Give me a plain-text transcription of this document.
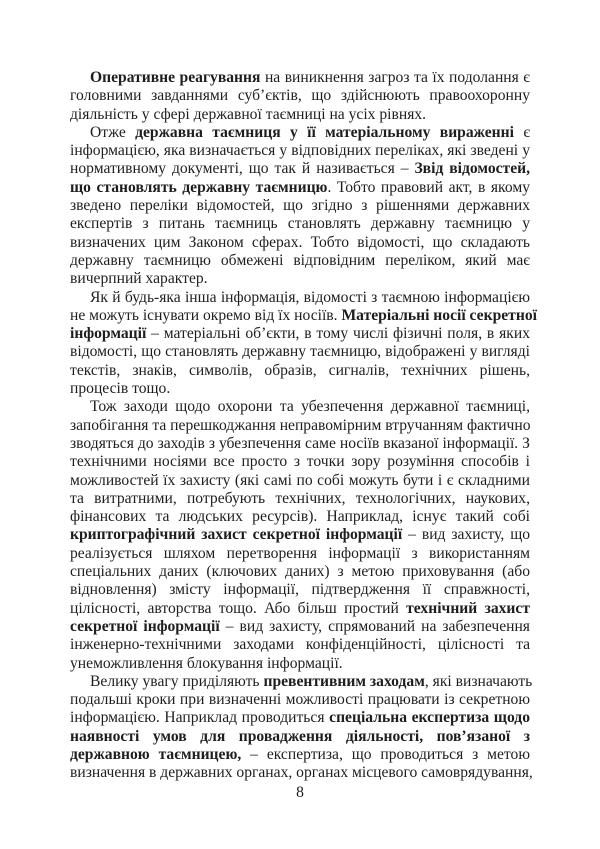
Оперативне реагування на виникнення загроз та їх подолання є
головними завданнями суб’єктів, що здійснюють правоохоронну
діяльність у сфері державної таємниці на усіх рівнях.
Отже державна таємниця у її матеріальному вираженні є
інформацією, яка визначається у відповідних переліках, які зведені у
нормативному документі, що так й називається – Звід відомостей,
що становлять державну таємницю. Тобто правовий акт, в якому
зведено переліки відомостей, що згідно з рішеннями державних
експертів з питань таємниць становлять державну таємницю у
визначених цим Законом сферах. Тобто відомості, що складають
державну таємницю обмежені відповідним переліком, який має
вичерпний характер.
Як й будь-яка інша інформація, відомості з таємною інформацією
не можуть існувати окремо від їх носіїв. Матеріальні носії секретної
інформації – матеріальні об’єкти, в тому числі фізичні поля, в яких
відомості, що становлять державну таємницю, відображені у вигляді
текстів, знаків, символів, образів, сигналів, технічних рішень,
процесів тощо.
Тож заходи щодо охорони та убезпечення державної таємниці,
запобігання та перешкоджання неправомірним втручанням фактично
зводяться до заходів з убезпечення саме носіїв вказаної інформації. З
технічними носіями все просто з точки зору розуміння способів і
можливостей їх захисту (які самі по собі можуть бути і є складними
та витратними, потребують технічних, технологічних, наукових,
фінансових та людських ресурсів). Наприклад, існує такий собі
криптографічний захист секретної інформації – вид захисту, що
реалізується шляхом перетворення інформації з використанням
спеціальних даних (ключових даних) з метою приховування (або
відновлення) змісту інформації, підтвердження її справжності,
цілісності, авторства тощо. Або більш простий технічний захист
секретної інформації – вид захисту, спрямований на забезпечення
інженерно-технічними заходами конфіденційності, цілісності та
унеможливлення блокування інформації.
Велику увагу приділяють превентивним заходам, які визначають
подальші кроки при визначенні можливості працювати із секретною
інформацією. Наприклад проводиться спеціальна експертиза щодо
наявності умов для провадження діяльності, пов’язаної з
державною таємницею, – експертиза, що проводиться з метою
визначення в державних органах, органах місцевого самоврядування,
8
